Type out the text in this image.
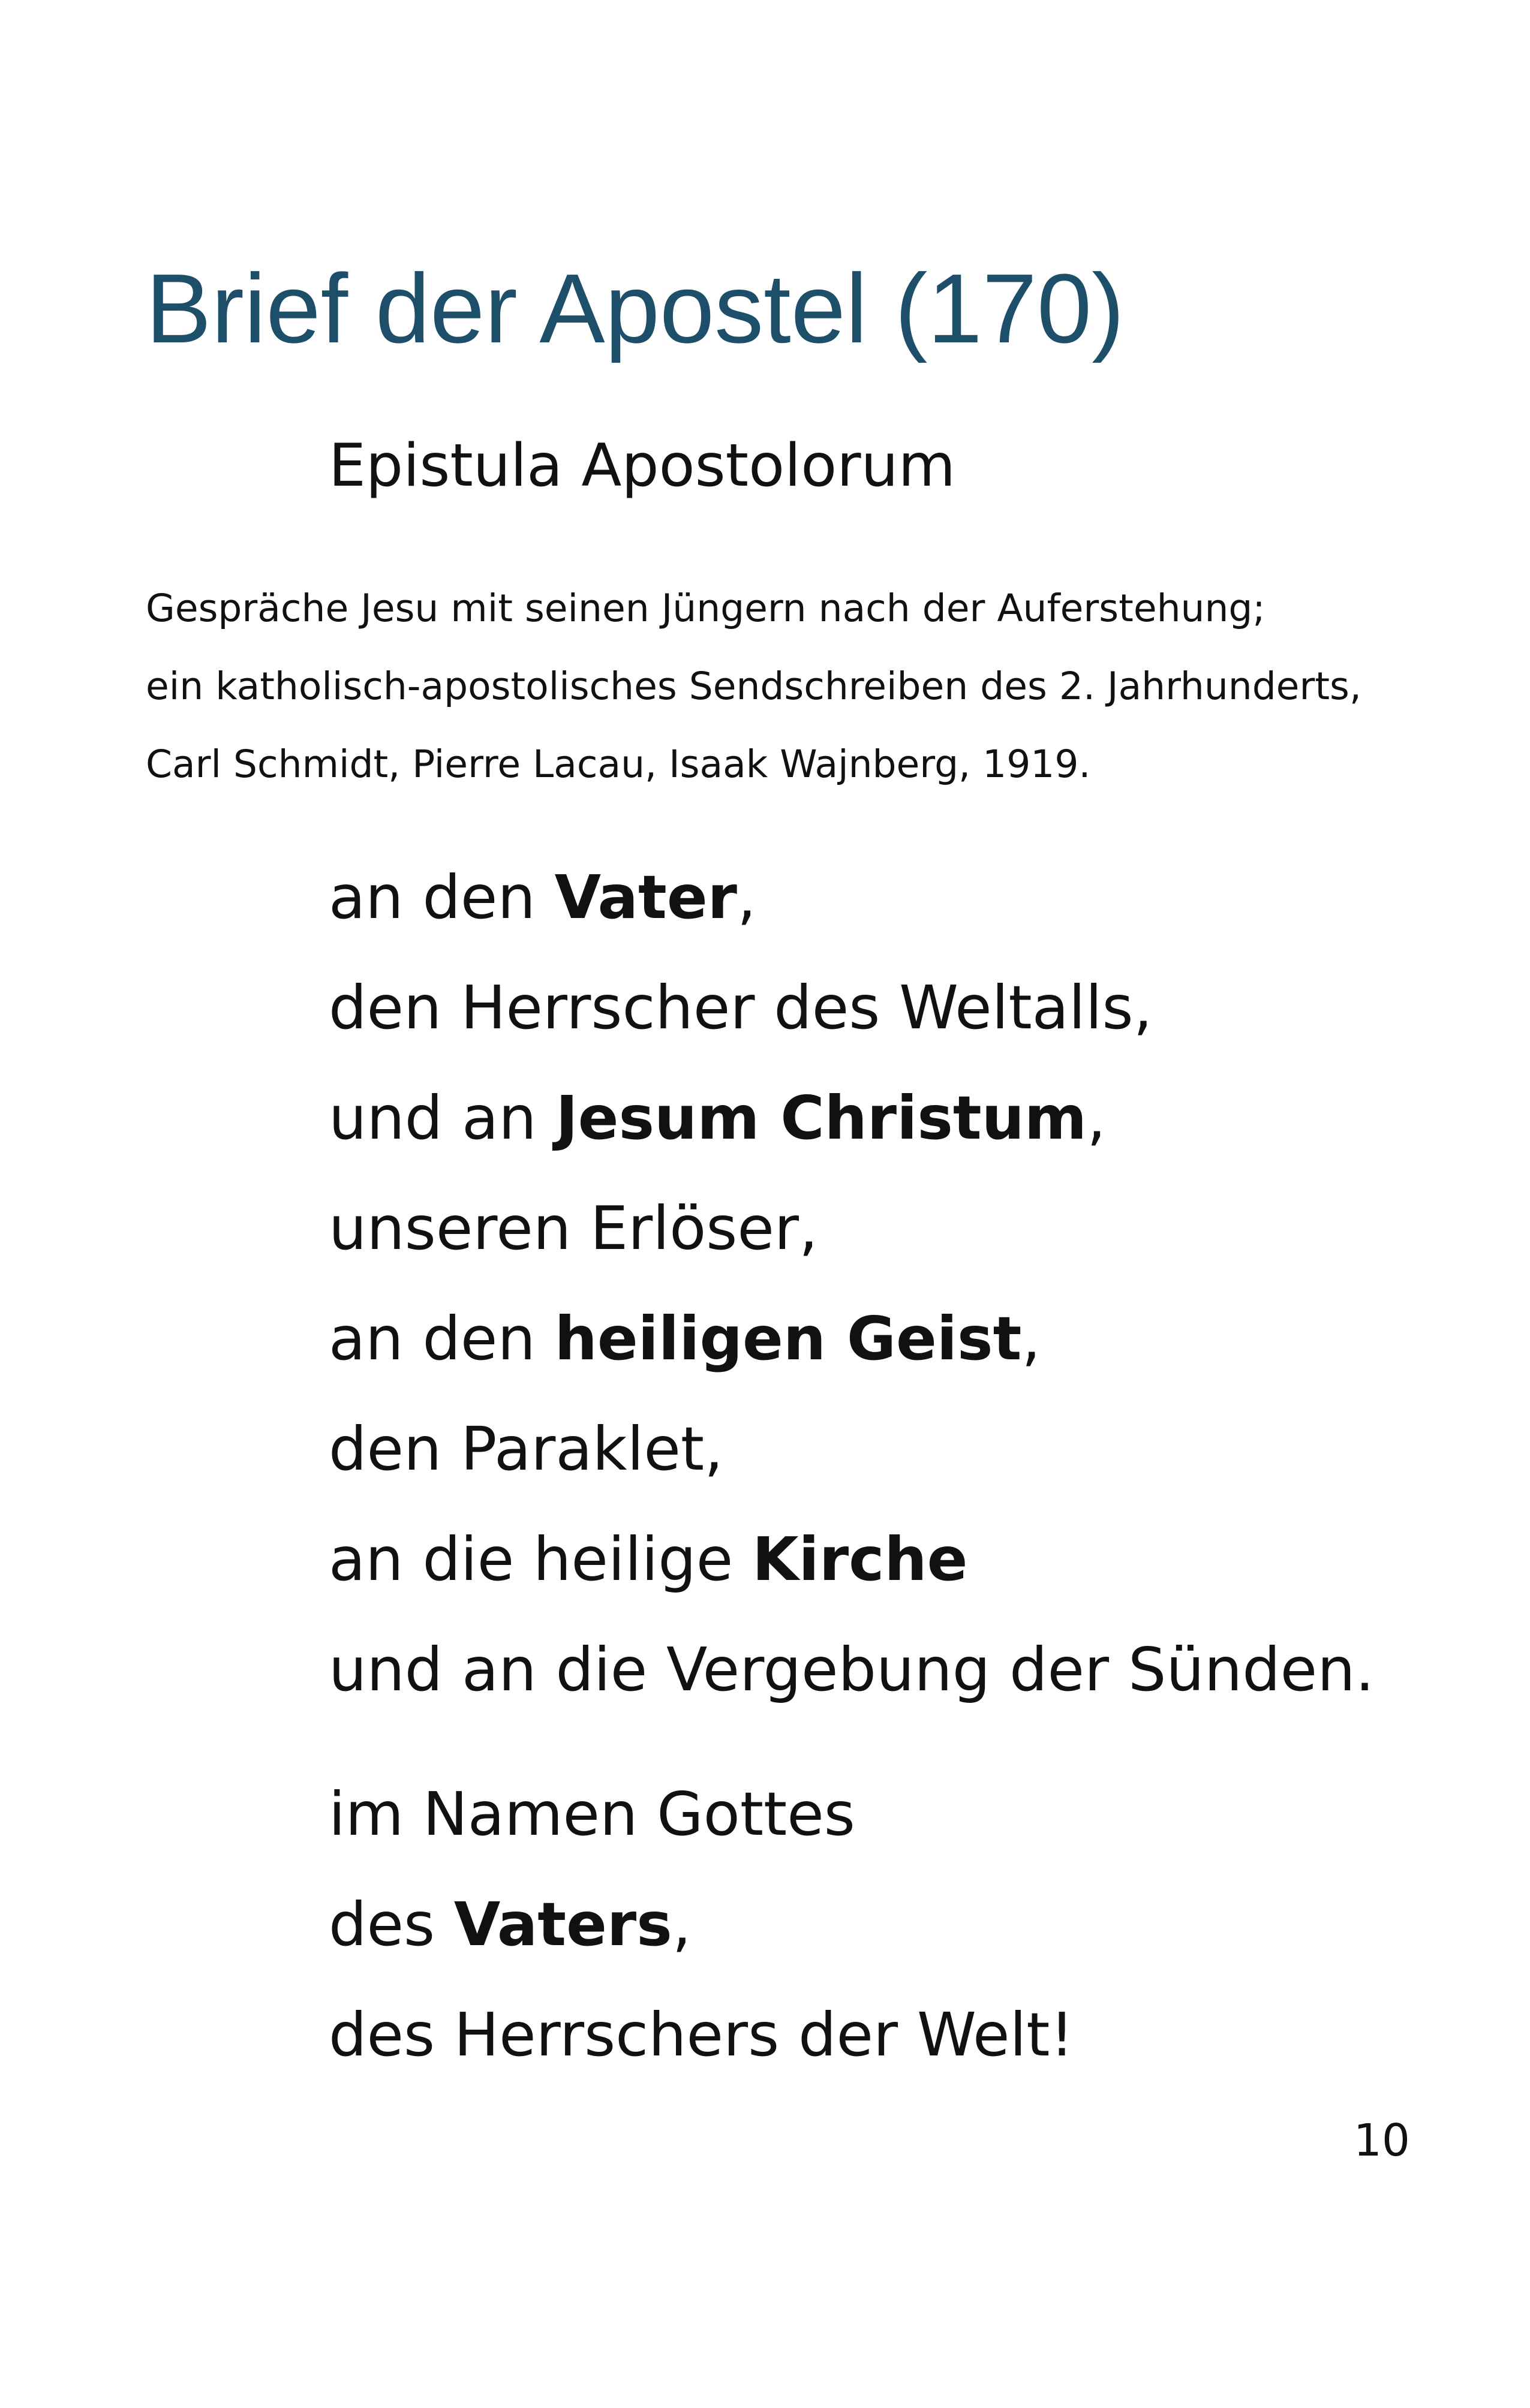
Brief der Apostel (170)
Epistula Apostolorum
Gespräche Jesu mit seinen Jüngern nach der Auferstehung;
ein katholisch-apostolisches Sendschreiben des 2. Jahrhunderts,
Carl Schmidt, Pierre Lacau, Isaak Wajnberg, 1919.
an den Vater,
den Herrscher des Weltalls,
und an Jesum Christum,
unseren Erlöser,
an den heiligen Geist,
den Paraklet,
an die heilige Kirche
und an die Vergebung der Sünden.
im Namen Gottes
des Vaters,
des Herrschers der Welt!
10
